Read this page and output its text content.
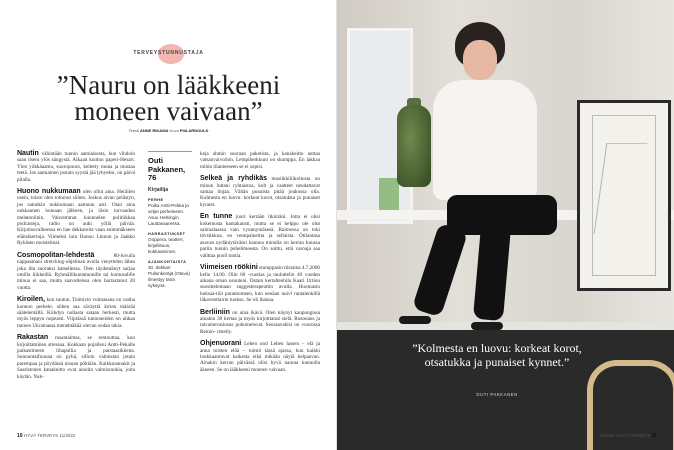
TERVEYSTUNNUSTAJA
”Nauru on lääkkeeni
moneen vaivaan”
Teksti ANNE RIKAMA Kuva PIIA ARNOULD

Nautin vähintään tunnin aamiaisesta, kun vihdoin saan itseni ylös sängystä. Aikaan kuuluu paperi-Hesari. Ylen yökkäaamu, suoropuuro, keitetty muna ja mustaa teetä. Jos aamiainen jostain syystä jää lyhyeksi, on päivä pilalla.

Huono nukkumaan olen ollut aina. Heräilen usein, toisin olen tottunut siihen. Joskus aivan pelästyn, jos satunkin nukkumaan aamuun asti. Otan aina nokkaunen lounaan jälkeen, ja öisin turvaudun melatoniinin. Vahvemmat kuunnelen politiikkaa podcasteja, radio on auki yöllä päivää. Kirjoitusvalheessa en hae dekkareita vaan enimmäkseen elämäkertoja. Viimeksi luin Hannu Linnun ja Jaakko Ryhäsen muistelmat.

Cosmopolitan-lehdestä	80-luvulla nappaamani stretching-ohjelman avulla venyttelen lähes joka ilta suoraksi katsellessa. Olen täydentänyt sarjaa omilla liikkeillä. Ryhmäliikuntatunnille tai kuntosalille minua ei saa, mutta saavutteissa olen harrastanut 20 vuotta.

Kiroilen, kun suutun. Toimivin voimasana on vanha kunnon perkele; siihen saa säväyttä ärrien määrää säätelemällä. Kiihdyn nollasta sataan herkesti, mutta myös leppyn nopeasti. Viiprässä tunnuneiden on uhkaa tunnen Ukrainassa menehtäkää olevan sodan takia.

Rakastan rusantaimsa, se rentouttaa, kun kirjoittaminen stressaa. Kokkaan pojalleni Antti-Pekalle paikastimeen lihapullia ja paistaasikkeita. Sunnuntaifuunaa on pyhä, silloin valmistan jotain parempaa ja pöydässä nisuan pöktään. Kalkkunanakit ja Saaristonen kanakeitto ovat ainoita valmisruokia, joita käytän. Nak-

Outi Pakkanen,
76
Kirjailija
PERHE
Poika Antti-Pekka ja veljet perheineen. Asuu Helsingin Lauttasaaressa.
HARRASTUKSET
Ooppera, teatteri, kirjallisuus, kokkaaminen.
AJANKOHTAISTA
30. dekkari Pullonkeräjä (Otava) ilmestyy tänä syksynä.

keja ahmin suoraan paketista, ja kanakeitto auttaa vatsanvaivoihin. Lempiherkkuni on skumppa. En lakkaa mihin tilanteeseen se ei sopisi.

Selkeä ja ryhdikäs musiikkiliikoitusta on minun luttani ryhtaistoa, kolt ja vaatteet neudattavat samaa linjaa. Vähän punaista pitää joukossa olla. Kolmesta en luovu: korkeat korot, otsatukka ja punaiset kynnet.

En tunne juuri kertään itkintäni. Jotta ei olisi kokemusta kantakausti, mutta se ei helppo ole olut saiiraalaassa vain vyunnymäsesä. Raimossa on toki tövstikkoa, en vennpaineitta ja sellaista. Ötilantasa asavan nydäntytävämi kannoa minulla on kerran kuussa pariin tunnin puhelimeesta. On soittu, että varoaja saa valittaa puoli tuntia.

Viimeisen röökini stumppasin tiistaina 4.7.2006 kello 14.00. Olin 60 -vuotias ja tauluttelin 40 vuoden aikana oman osuuteni. Ostain kertaltenhila Kaari Urtion suosittelemaan suggesterapeuttin avulla. Huomasin hoksaa-tiöt parantumeen, kun nenäan nuivi rantalenkillä läkaventtairin tuoksu. Se oli ihanaa.

Berliiniin on aina ikävä. Olen käynyt kaupungissa ainakin 30 kertaa ja myös kirjoittanut sielä. Rosonaus ja taivatnevatiosus puhumelevat. Seuraavakisi on vuorossa Reinin- risteily.

Ohjenuorani Lehen und Leben lassen – elä ja anna toisten elää – toimii tässä ajassa, kun kaikki loukkaantuvat kaikesta eikä mikään näytä kelpaavan. Ainakin kerran päivässä olisi hyvä nauraa kunnolla ääneen. Se on lääkkeeni moneen vaivaan.

10 HYVÄ TERVEYS 11/2022
”Kolmesta en luovu: korkeat korot, otsatukka ja punaiset kynnet.”
OUTI PAKKANEN
11/2022 HYVÄ TERVEYS 11
